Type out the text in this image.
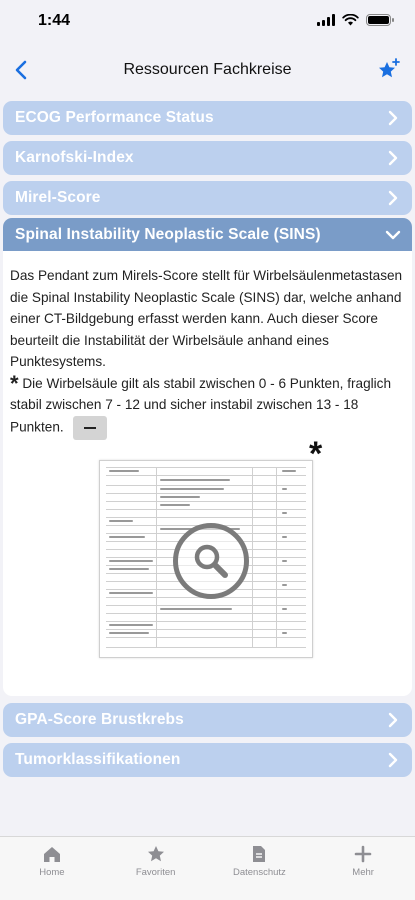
1:44
Ressourcen Fachkreise
ECOG Performance Status
Karnofski-Index
Mirel-Score
Spinal Instability Neoplastic Scale (SINS)
Das Pendant zum Mirels-Score stellt für Wirbelsäulenmetastasen die Spinal Instability Neoplastic Scale (SINS) dar, welche anhand einer CT-Bildgebung erfasst werden kann. Auch dieser Score beurteilt die Instabilität der Wirbelsäule anhand eines Punktesystems.
* Die Wirbelsäule gilt als stabil zwischen 0 - 6 Punkten, fraglich stabil zwischen 7 - 12 und sicher instabil zwischen 13 - 18 Punkten.
*
GPA-Score Brustkrebs
Tumorklassifikationen
Home	Favoriten	Datenschutz	Mehr
